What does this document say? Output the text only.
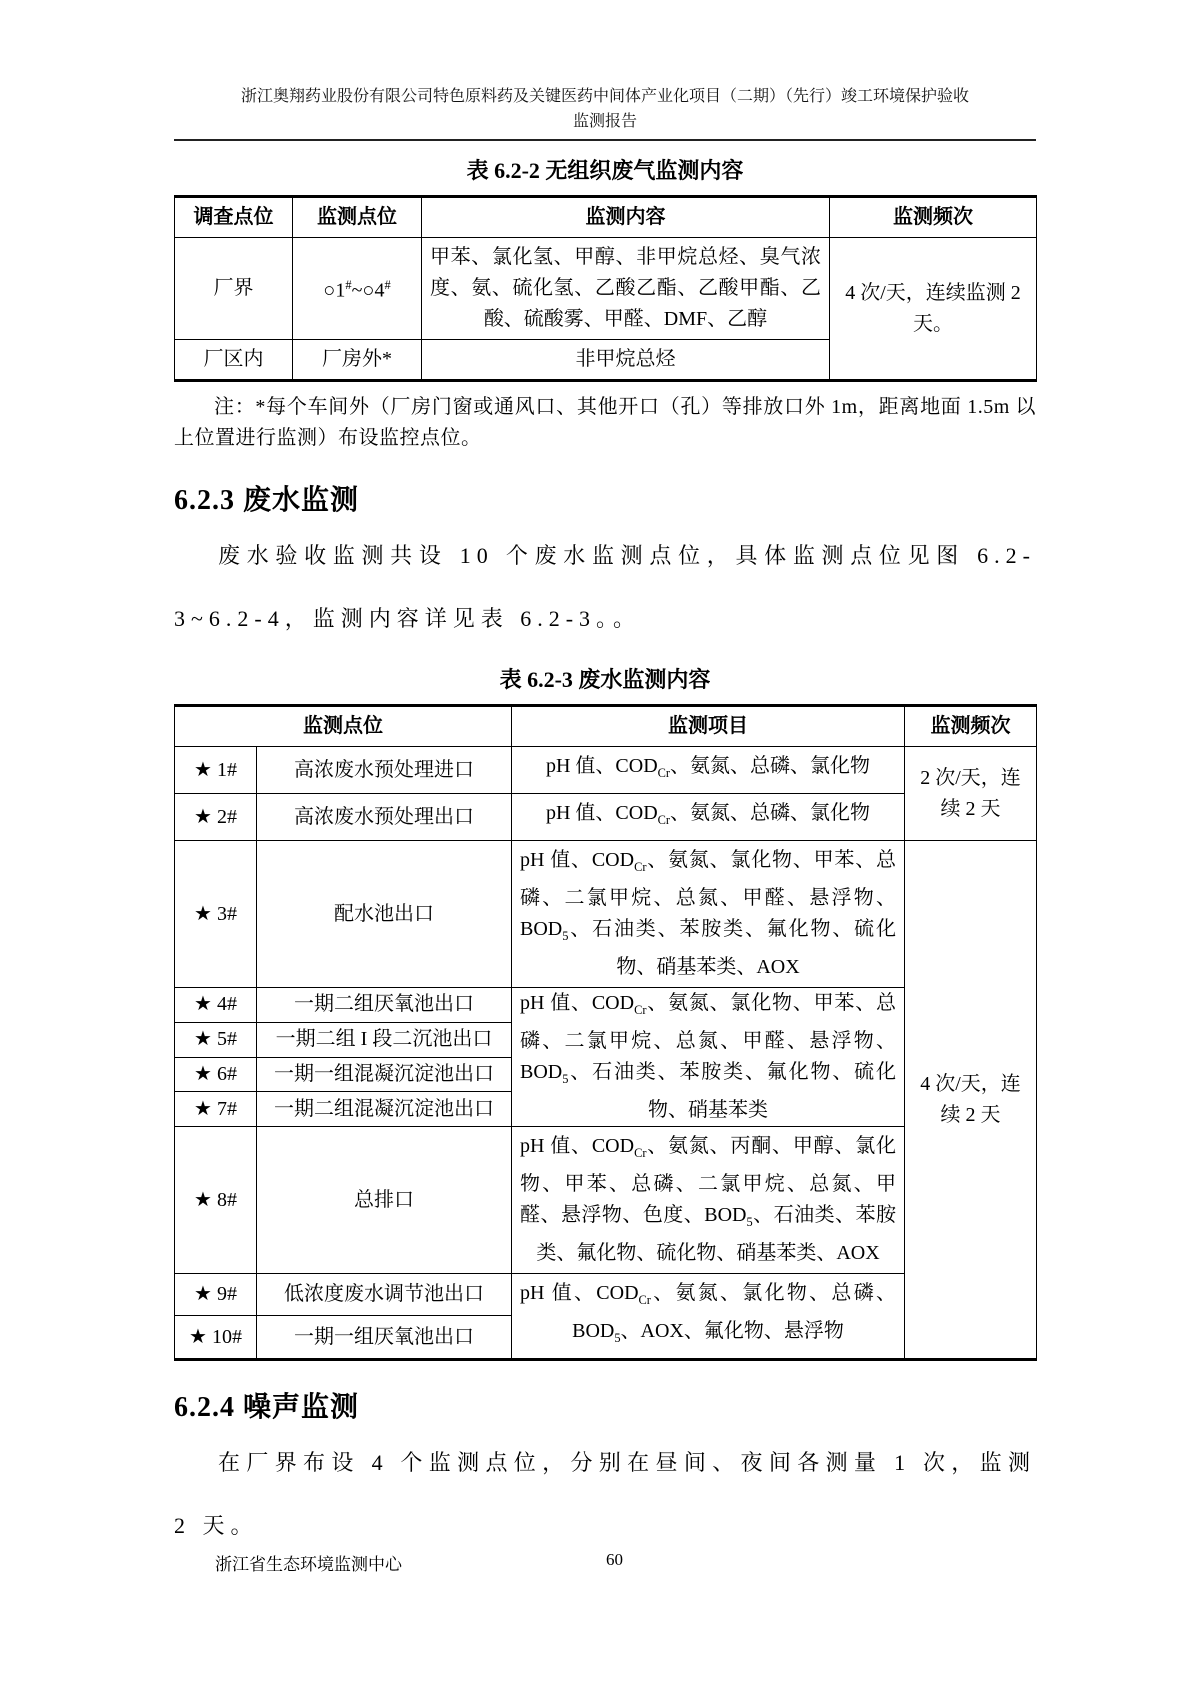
浙江奥翔药业股份有限公司特色原料药及关键医药中间体产业化项目（二期）（先行）竣工环境保护验收
监测报告
表 6.2-2 无组织废气监测内容
调查点位	监测点位	监测内容	监测频次
厂界	○1#~○4#	甲苯、氯化氢、甲醇、非甲烷总烃、臭气浓度、氨、硫化氢、乙酸乙酯、乙酸甲酯、乙酸、硫酸雾、甲醛、DMF、乙醇	4 次/天，连续监测 2 天。
厂区内	厂房外*	非甲烷总烃	

注：*每个车间外（厂房门窗或通风口、其他开口（孔）等排放口外 1m，距离地面 1.5m 以上位置进行监测）布设监控点位。

6.2.3 废水监测

废水验收监测共设 10 个废水监测点位，具体监测点位见图 6.2-3~6.2-4，监测内容详见表 6.2-3。。

表 6.2-3 废水监测内容
监测点位		监测项目	监测频次
★ 1#	高浓废水预处理进口	pH 值、$COD_{Cr}$、氨氮、总磷、氯化物	2 次/天，连续 2 天
★ 2#	高浓废水预处理出口	pH 值、$COD_{Cr}$、氨氮、总磷、氯化物	
★ 3#	配水池出口	pH 值、$COD_{Cr}$、氨氮、氯化物、甲苯、总磷、二氯甲烷、总氮、甲醛、悬浮物、$BOD_5$、石油类、苯胺类、氟化物、硫化物、硝基苯类、AOX	4 次/天，连续 2 天
★ 4#	一期二组厌氧池出口	pH 值、$COD_{Cr}$、氨氮、氯化物、甲苯、总磷、二氯甲烷、总氮、甲醛、悬浮物、$BOD_5$、石油类、苯胺类、氟化物、硫化物、硝基苯类	
★ 5#	一期二组 I 段二沉池出口		
★ 6#	一期一组混凝沉淀池出口		
★ 7#	一期二组混凝沉淀池出口		
★ 8#	总排口	pH 值、$COD_{Cr}$、氨氮、丙酮、甲醇、氯化物、甲苯、总磷、二氯甲烷、总氮、甲醛、悬浮物、色度、$BOD_5$、石油类、苯胺类、氟化物、硫化物、硝基苯类、AOX	
★ 9#	低浓度废水调节池出口	pH 值、$COD_{Cr}$、氨氮、氯化物、总磷、$BOD_5$、AOX、氟化物、悬浮物	
★ 10#	一期一组厌氧池出口		
6.2.4 噪声监测

在厂界布设 4 个监测点位，分别在昼间、夜间各测量 1 次，监测 2 天。

浙江省生态环境监测中心	60
